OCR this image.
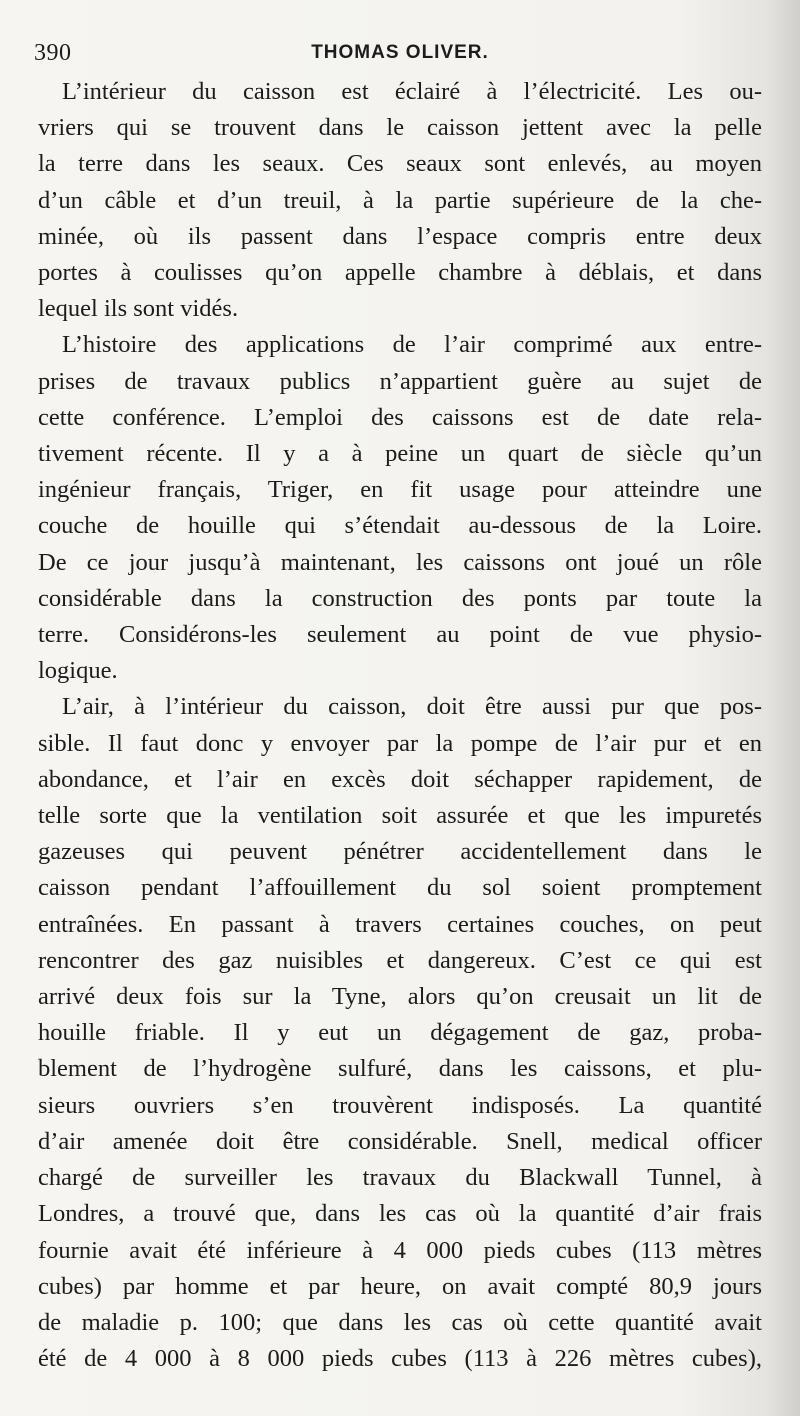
390	THOMAS OLIVER.

L’intérieur du caisson est éclairé à l’électricité. Les ou-
vriers qui se trouvent dans le caisson jettent avec la pelle
la terre dans les seaux. Ces seaux sont enlevés, au moyen
d’un câble et d’un treuil, à la partie supérieure de la che-
minée, où ils passent dans l’espace compris entre deux
portes à coulisses qu’on appelle chambre à déblais, et dans
lequel ils sont vidés.

L’histoire des applications de l’air comprimé aux entre-
prises de travaux publics n’appartient guère au sujet de
cette conférence. L’emploi des caissons est de date rela-
tivement récente. Il y a à peine un quart de siècle qu’un
ingénieur français, Triger, en fit usage pour atteindre une
couche de houille qui s’étendait au-dessous de la Loire.
De ce jour jusqu’à maintenant, les caissons ont joué un rôle
considérable dans la construction des ponts par toute la
terre. Considérons-les seulement au point de vue physio-
logique.

L’air, à l’intérieur du caisson, doit être aussi pur que pos-
sible. Il faut donc y envoyer par la pompe de l’air pur et en
abondance, et l’air en excès doit séchapper rapidement, de
telle sorte que la ventilation soit assurée et que les impuretés
gazeuses qui peuvent pénétrer accidentellement dans le
caisson pendant l’affouillement du sol soient promptement
entraînées. En passant à travers certaines couches, on peut
rencontrer des gaz nuisibles et dangereux. C’est ce qui est
arrivé deux fois sur la Tyne, alors qu’on creusait un lit de
houille friable. Il y eut un dégagement de gaz, proba-
blement de l’hydrogène sulfuré, dans les caissons, et plu-
sieurs ouvriers s’en trouvèrent indisposés. La quantité
d’air amenée doit être considérable. Snell, medical officer
chargé de surveiller les travaux du Blackwall Tunnel, à
Londres, a trouvé que, dans les cas où la quantité d’air frais
fournie avait été inférieure à 4 000 pieds cubes (113 mètres
cubes) par homme et par heure, on avait compté 80,9 jours
de maladie p. 100; que dans les cas où cette quantité avait
été de 4 000 à 8 000 pieds cubes (113 à 226 mètres cubes),
